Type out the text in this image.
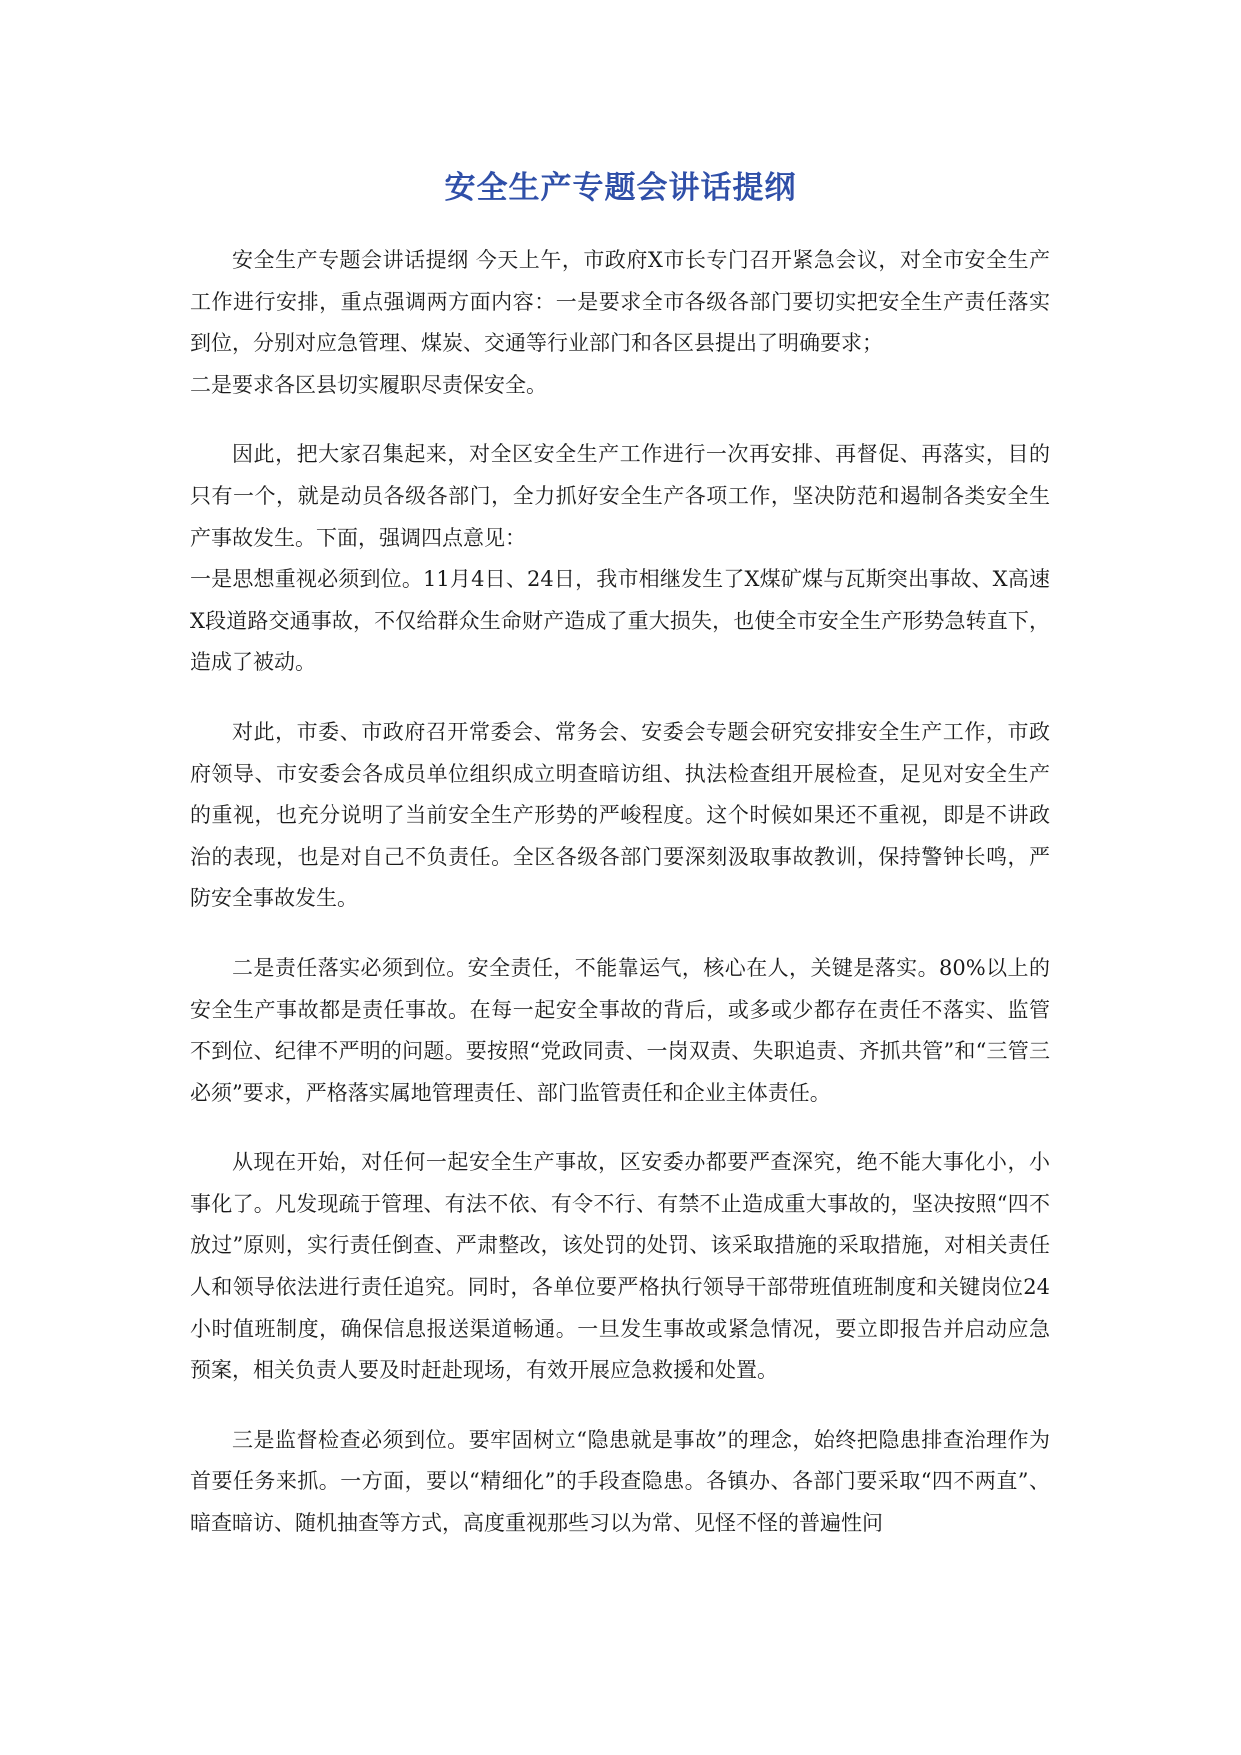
安全生产专题会讲话提纲

安全生产专题会讲话提纲 今天上午，市政府X市长专门召开紧急会议，对全市安全生产工作进行安排，重点强调两方面内容：一是要求全市各级各部门要切实把安全生产责任落实到位，分别对应急管理、煤炭、交通等行业部门和各区县提出了明确要求；

二是要求各区县切实履职尽责保安全。

因此，把大家召集起来，对全区安全生产工作进行一次再安排、再督促、再落实，目的只有一个，就是动员各级各部门，全力抓好安全生产各项工作，坚决防范和遏制各类安全生产事故发生。下面，强调四点意见：

一是思想重视必须到位。11月4日、24日，我市相继发生了X煤矿煤与瓦斯突出事故、X高速X段道路交通事故，不仅给群众生命财产造成了重大损失，也使全市安全生产形势急转直下，造成了被动。

对此，市委、市政府召开常委会、常务会、安委会专题会研究安排安全生产工作，市政府领导、市安委会各成员单位组织成立明查暗访组、执法检查组开展检查，足见对安全生产的重视，也充分说明了当前安全生产形势的严峻程度。这个时候如果还不重视，即是不讲政治的表现，也是对自己不负责任。全区各级各部门要深刻汲取事故教训，保持警钟长鸣，严防安全事故发生。

二是责任落实必须到位。安全责任，不能靠运气，核心在人，关键是落实。80%以上的安全生产事故都是责任事故。在每一起安全事故的背后，或多或少都存在责任不落实、监管不到位、纪律不严明的问题。要按照“党政同责、一岗双责、失职追责、齐抓共管”和“三管三必须”要求，严格落实属地管理责任、部门监管责任和企业主体责任。

从现在开始，对任何一起安全生产事故，区安委办都要严查深究，绝不能大事化小，小事化了。凡发现疏于管理、有法不依、有令不行、有禁不止造成重大事故的，坚决按照“四不放过”原则，实行责任倒查、严肃整改，该处罚的处罚、该采取措施的采取措施，对相关责任人和领导依法进行责任追究。同时，各单位要严格执行领导干部带班值班制度和关键岗位24小时值班制度，确保信息报送渠道畅通。一旦发生事故或紧急情况，要立即报告并启动应急预案，相关负责人要及时赶赴现场，有效开展应急救援和处置。

三是监督检查必须到位。要牢固树立“隐患就是事故”的理念，始终把隐患排查治理作为首要任务来抓。一方面，要以“精细化”的手段查隐患。各镇办、各部门要采取“四不两直”、暗查暗访、随机抽查等方式，高度重视那些习以为常、见怪不怪的普遍性问
